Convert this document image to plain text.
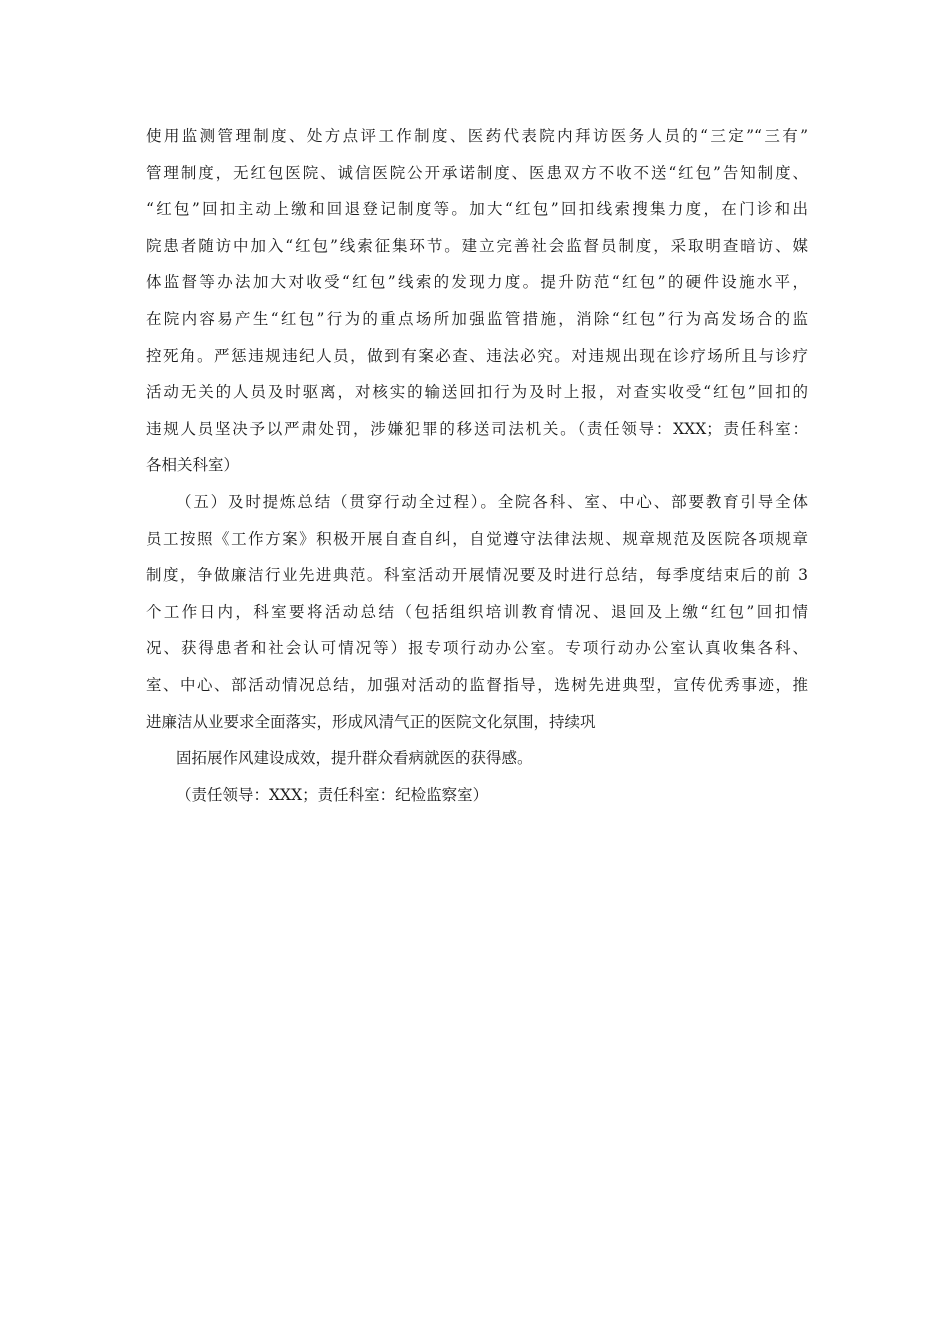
使用监测管理制度、处方点评工作制度、医药代表院内拜访医务人员的“三定”“三有”
管理制度，无红包医院、诚信医院公开承诺制度、医患双方不收不送“红包”告知制度、
“红包”回扣主动上缴和回退登记制度等。加大“红包”回扣线索搜集力度，在门诊和出
院患者随访中加入“红包”线索征集环节。建立完善社会监督员制度，采取明查暗访、媒
体监督等办法加大对收受“红包”线索的发现力度。提升防范“红包”的硬件设施水平，
在院内容易产生“红包”行为的重点场所加强监管措施，消除“红包”行为高发场合的监
控死角。严惩违规违纪人员，做到有案必查、违法必究。对违规出现在诊疗场所且与诊疗
活动无关的人员及时驱离，对核实的输送回扣行为及时上报，对查实收受“红包”回扣的
违规人员坚决予以严肃处罚，涉嫌犯罪的移送司法机关。（责任领导：XXX；责任科室：
各相关科室）
（五）及时提炼总结（贯穿行动全过程）。全院各科、室、中心、部要教育引导全体
员工按照《工作方案》积极开展自查自纠，自觉遵守法律法规、规章规范及医院各项规章
制度，争做廉洁行业先进典范。科室活动开展情况要及时进行总结，每季度结束后的前 3
个工作日内，科室要将活动总结（包括组织培训教育情况、退回及上缴“红包”回扣情
况、获得患者和社会认可情况等）报专项行动办公室。专项行动办公室认真收集各科、
室、中心、部活动情况总结，加强对活动的监督指导，选树先进典型，宣传优秀事迹，推
进廉洁从业要求全面落实，形成风清气正的医院文化氛围，持续巩
固拓展作风建设成效，提升群众看病就医的获得感。
（责任领导：XXX；责任科室：纪检监察室）
